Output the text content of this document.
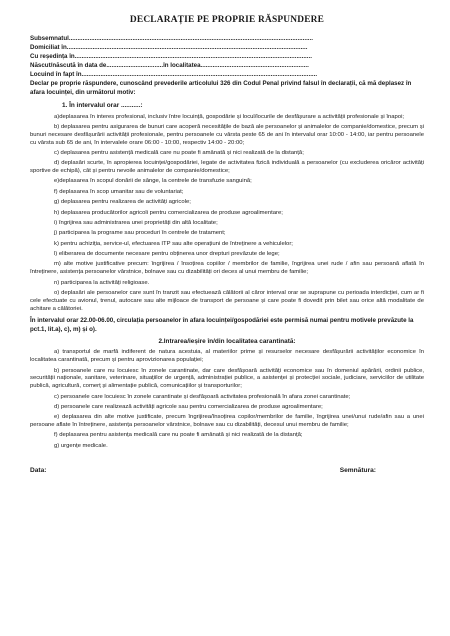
DECLARAȚIE PE PROPRIE RĂSPUNDERE
Subsemnatul..............................................................................................................................................
Domiciliat în............................................................................................................................................
Cu reședința în..........................................................................................................................................
Născut/născută în data de.................................în localitatea...............................................................
Locuind în fapt în.........................................................................................................................................
Declar pe proprie răspundere, cunoscând prevederile articolului 326 din Codul Penal privind falsul în declarații, că mă deplasez în afara locuinței, din următorul motiv:
1. În intervalul orar ...........:
a)deplasarea în interes profesional, inclusiv între locuință, gospodărie și locul/locurile de desfășurare a activității profesionale și înapoi;
b) deplasarea pentru asigurarea de bunuri care acoperă necesitățile de bază ale persoanelor și animalelor de companie/domestice, precum și bunuri necesare desfășurării activității profesionale, pentru persoanele cu vârsta peste 65 de ani în intervalul orar 10:00 - 14:00, iar pentru persoanele cu vârsta sub 65 de ani, în intervalele orare 06:00 - 10:00, respectiv 14:00 - 20:00;
c) deplasarea pentru asistență medicală care nu poate fi amânată și nici realizată de la distanță;
d) deplasări scurte, în apropierea locuinței/gospodăriei, legate de activitatea fizică individuală a persoanelor (cu excluderea oricăror activități sportive de echipă), cât și pentru nevoile animalelor de companie/domestice;
e)deplasarea în scopul donării de sânge, la centrele de transfuzie sanguină;
f) deplasarea în scop umanitar sau de voluntariat;
g) deplasarea pentru realizarea de activități agricole;
h) deplasarea producătorilor agricoli pentru comercializarea de produse agroalimentare;
i) îngrijirea sau administrarea unei proprietăți din altă localitate;
j) participarea la programe sau proceduri în centrele de tratament;
k) pentru achiziția, service-ul, efectuarea ITP sau alte operațiuni de întreținere a vehiculelor;
l) eliberarea de documente necesare pentru obținerea unor drepturi prevăzute de lege;
m) alte motive justificative precum: îngrijirea / însoțirea copiilor / membrilor de familie, îngrijirea unei rude / afin sau persoană aflată în întreținere, asistența persoanelor vârstnice, bolnave sau cu dizabilități ori deces al unui membru de familie;
n) participarea la activități religioase.
o) deplasări ale persoanelor care sunt în tranzit sau efectuează călătorii al căror interval orar se suprapune cu perioada interdicției, cum ar fi cele efectuate cu avionul, trenul, autocare sau alte mijloace de transport de persoane și care poate fi dovedit prin bilet sau orice altă modalitate de achitare a călătoriei.
În intervalul orar 22.00-06.00, circulația persoanelor în afara locuinței/gospodăriei este permisă numai pentru motivele prevăzute la pct.1, lit.a), c), m) și o).
2.Intrarea/ieșire în/din localitatea carantinată:
a) transportul de marfă indiferent de natura acestuia, al materiilor prime și resurselor necesare desfășurării activităților economice în localitatea carantinată, precum și pentru aprovizionarea populației;
b) persoanele care nu locuiesc în zonele carantinate, dar care desfășoară activități economice sau în domeniul apărării, ordinii publice, securității naționale, sanitare, veterinare, situațiilor de urgență, administrației publice, a asistenței și protecției sociale, judiciare, serviciilor de utilitate publică, agricultură, comerț și alimentație publică, comunicațiilor și transporturilor;
c) persoanele care locuiesc în zonele carantinate și desfășoară activitatea profesională în afara zonei carantinate;
d) persoanele care realizează activități agricole sau pentru comercializarea de produse agroalimentare;
e) deplasarea din alte motive justificate, precum îngrijirea/însoțirea copilor/membrilor de familie, îngrijirea unei/unui rude/afin sau a unei persoane aflate în întreținere, asistența persoanelor vârstnice, bolnave sau cu dizabilități, decesul unui membru de familie;
f) deplasarea pentru asistența medicală care nu poate fi amânată și nici realizată de la distanță;
g) urgențe medicale.
Data:	Semnătura:
